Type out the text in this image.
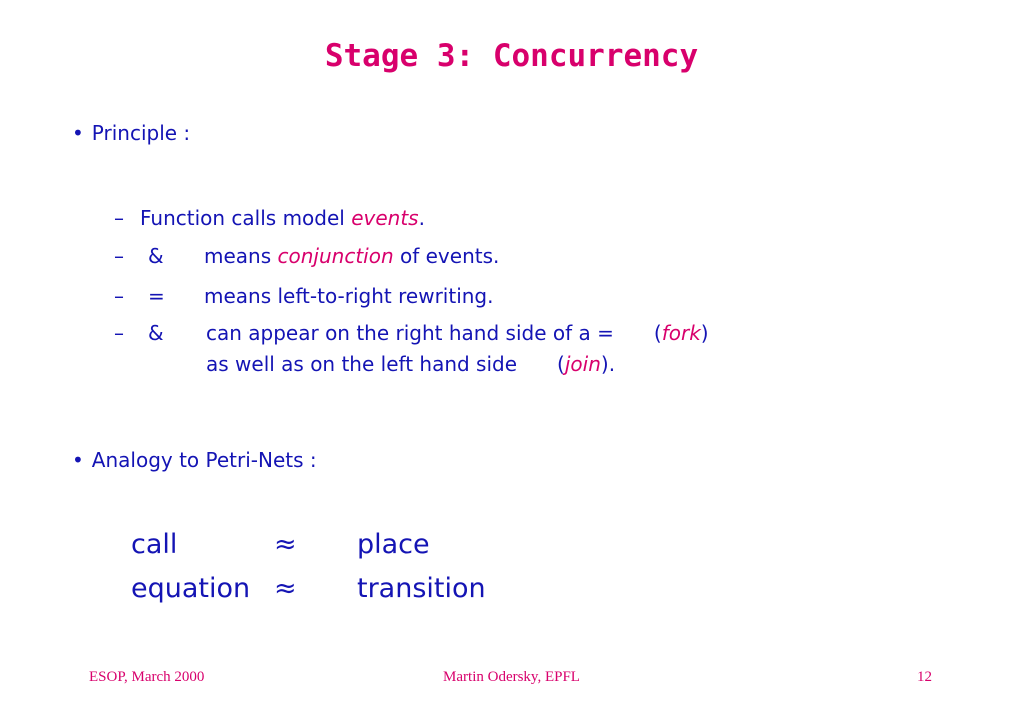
Stage 3: Concurrency
• Principle :
– Function calls model events.
– & means conjunction of events.
– = means left-to-right rewriting.
– & can appear on the right hand side of a = (fork)
as well as on the left hand side (join).
• Analogy to Petri-Nets :
call	≈ place
equation ≈ transition
ESOP, March 2000	Martin Odersky, EPFL	12
